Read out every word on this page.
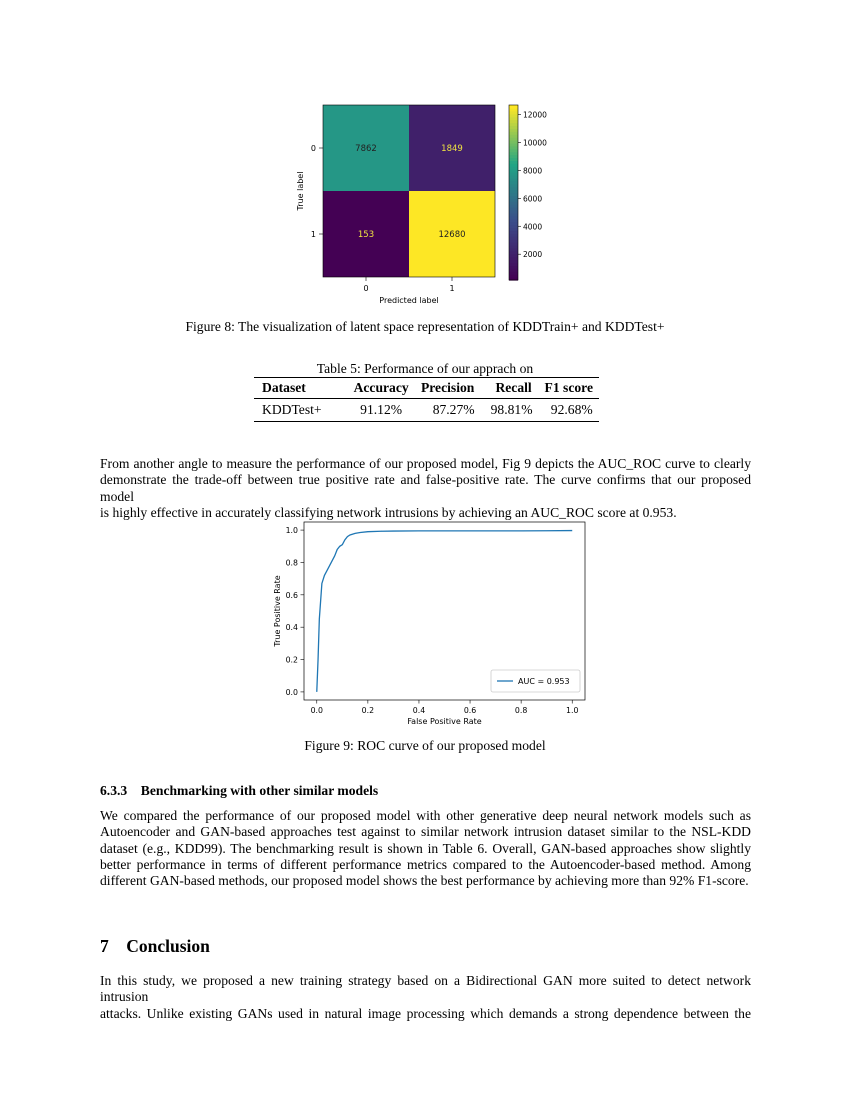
7862	1849
153	12680
0
1
0	1
Predicted label
True label
2000
4000
6000
8000
10000
12000
Figure 8: The visualization of latent space representation of KDDTrain+ and KDDTest+
Table 5: Performance of our apprach on
Dataset	Accuracy	Precision	Recall	F1 score
KDDTest+	91.12%	87.27%	98.81%	92.68%
From another angle to measure the performance of our proposed model, Fig 9 depicts the AUC_ROC curve to clearly
demonstrate the trade-off between true positive rate and false-positive rate. The curve confirms that our proposed model
is highly effective in accurately classifying network intrusions by achieving an AUC_ROC score at 0.953.
0.0	0.2	0.4	0.6	0.8	1.0
0.0
0.2
0.4
0.6
0.8
1.0
False Positive Rate
True Positive Rate
AUC = 0.953
Figure 9: ROC curve of our proposed model
6.3.3 Benchmarking with other similar models
We compared the performance of our proposed model with other generative deep neural network models such as
Autoencoder and GAN-based approaches test against to similar network intrusion dataset similar to the NSL-KDD
dataset (e.g., KDD99). The benchmarking result is shown in Table 6. Overall, GAN-based approaches show slightly
better performance in terms of different performance metrics compared to the Autoencoder-based method. Among
different GAN-based methods, our proposed model shows the best performance by achieving more than 92% F1-score.
7 Conclusion
In this study, we proposed a new training strategy based on a Bidirectional GAN more suited to detect network intrusion
attacks. Unlike existing GANs used in natural image processing which demands a strong dependence between the
